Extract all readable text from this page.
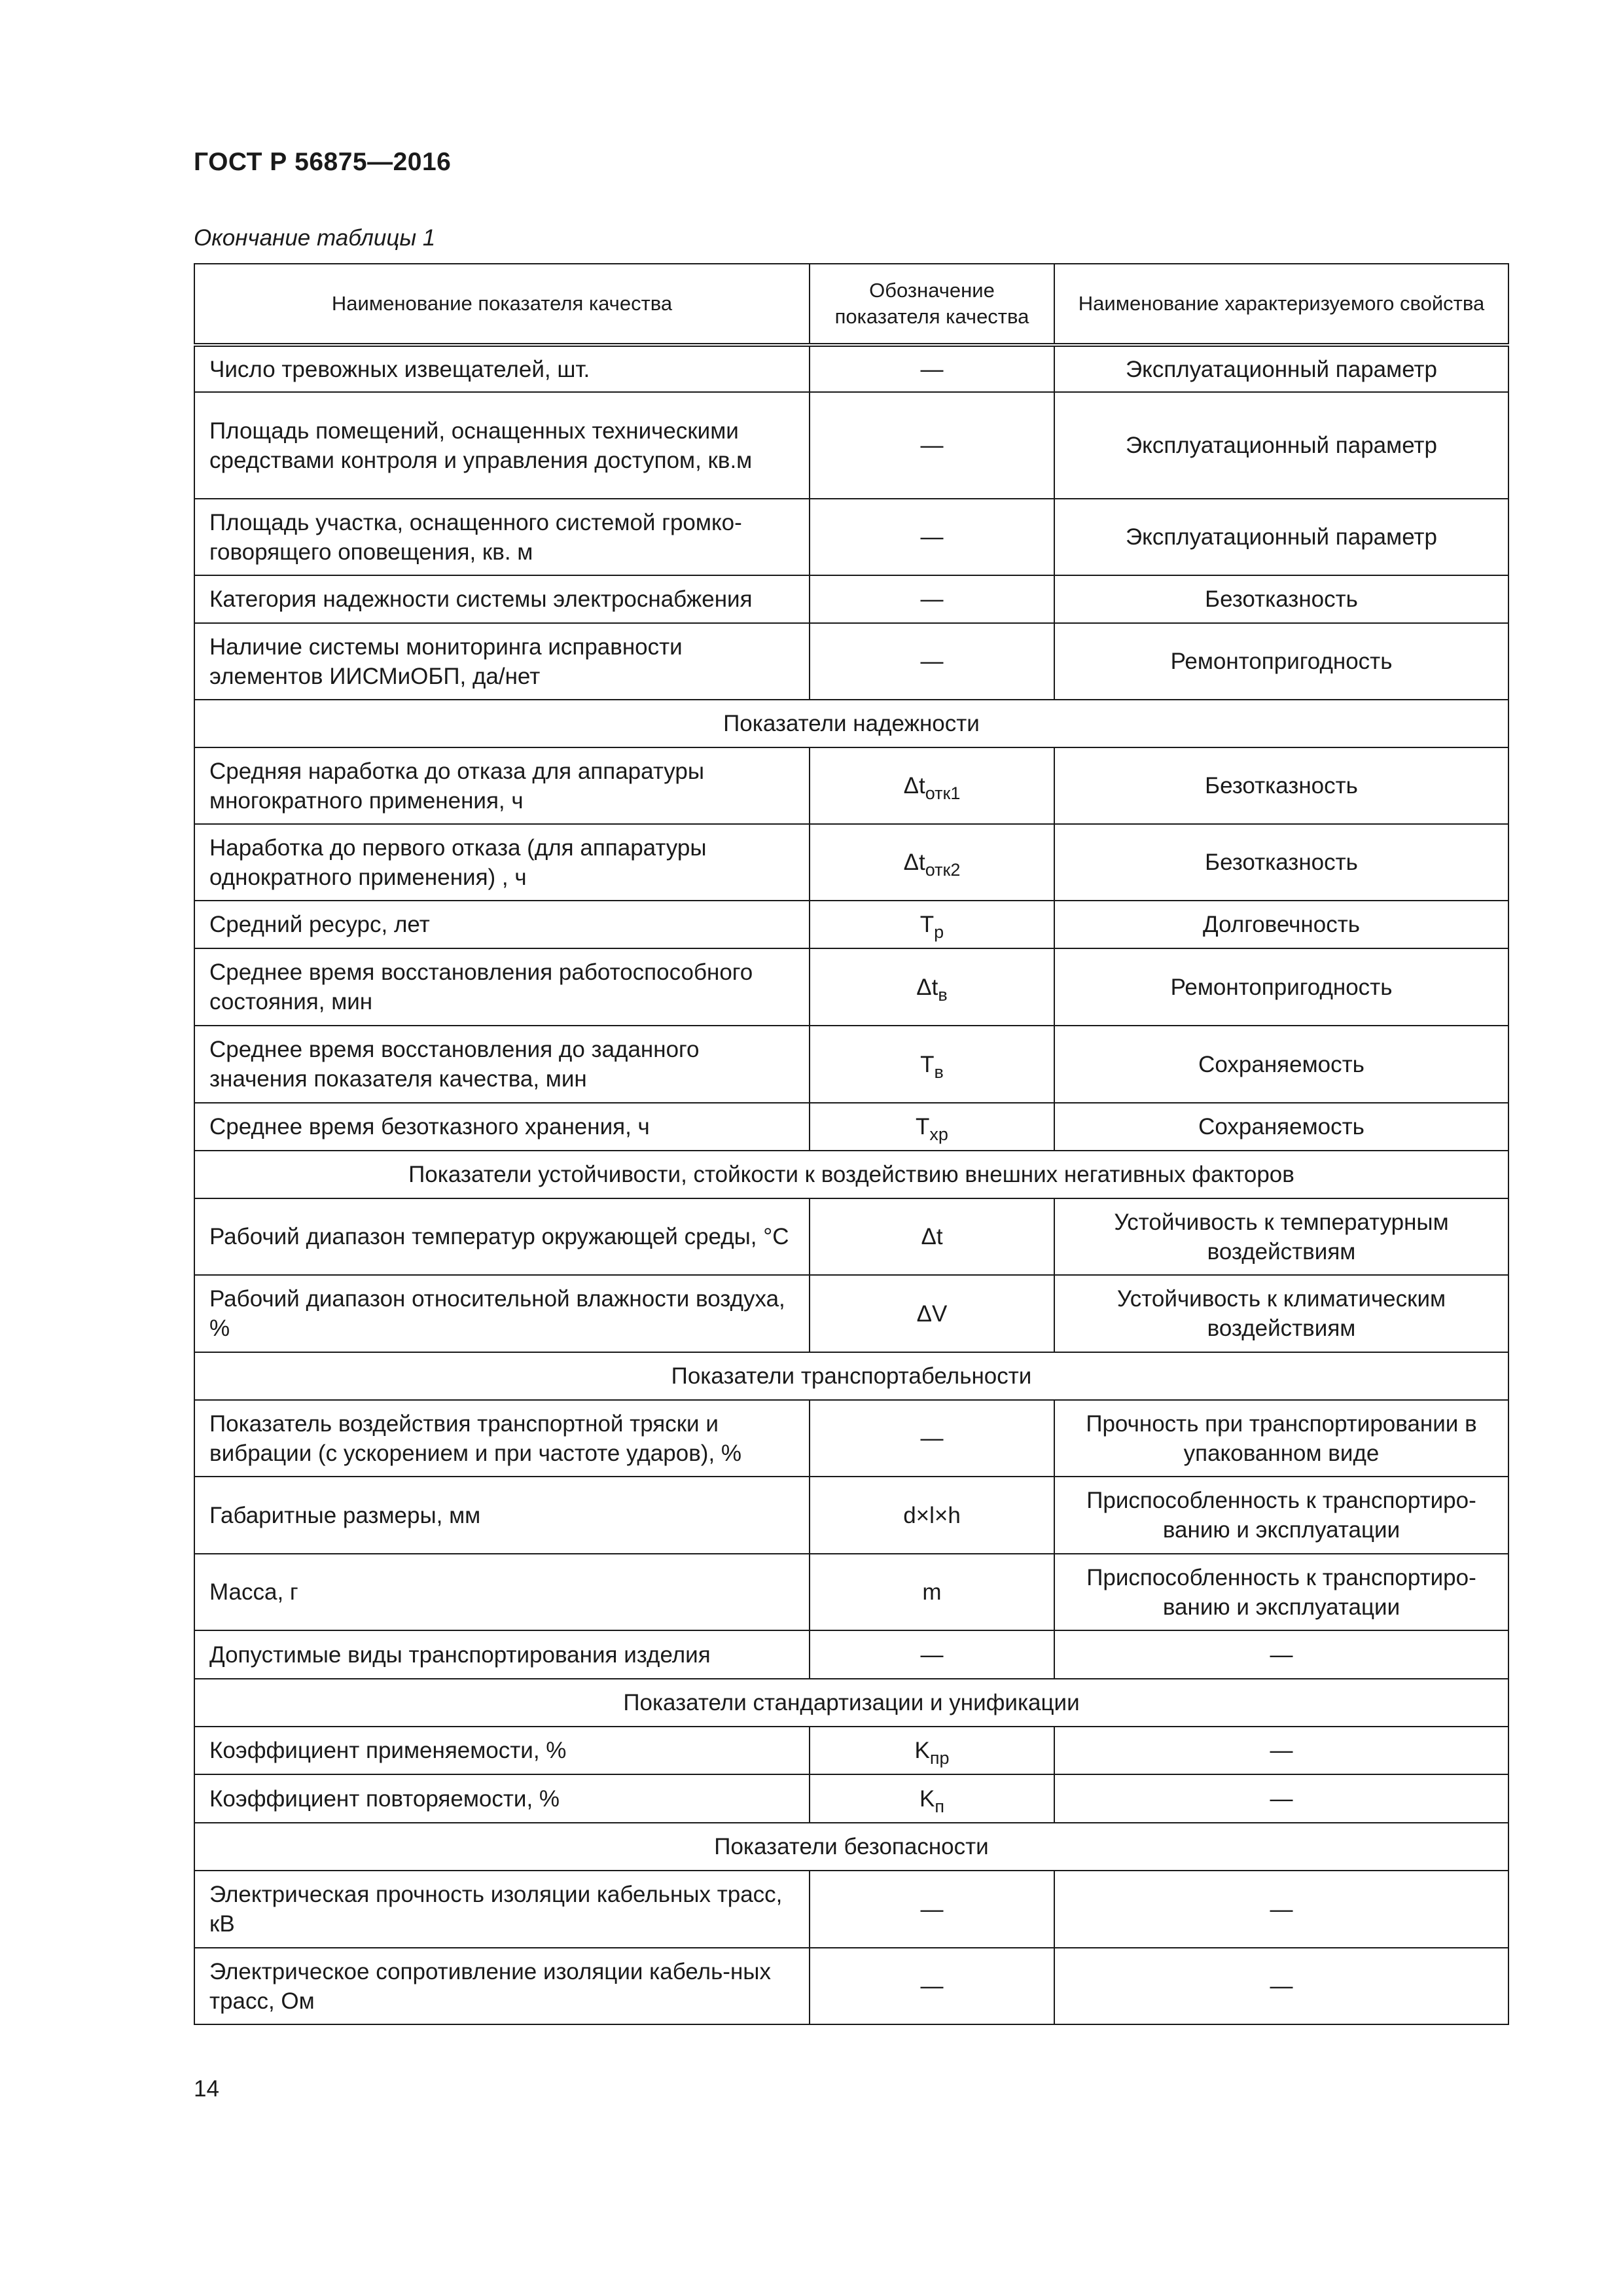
ГОСТ Р 56875—2016
Окончание таблицы 1
Наименование показателя качества	Обозначение показателя качества	Наименование характеризуемого свойства
Число тревожных извещателей, шт.	—	Эксплуатационный параметр
Площадь помещений, оснащенных техническими средствами контроля и управления доступом, кв.м	—	Эксплуатационный параметр
Площадь участка, оснащенного системой громко-говорящего оповещения, кв. м	—	Эксплуатационный параметр
Категория надежности системы электроснабжения	—	Безотказность
Наличие системы мониторинга исправности элементов ИИСМиОБП, да/нет	—	Ремонтопригодность
Показатели надежности		
Средняя наработка до отказа для аппаратуры многократного применения, ч	$\Delta t_{отк1}$	Безотказность
Наработка до первого отказа (для аппаратуры однократного применения) , ч	$\Delta t_{отк2}$	Безотказность
Средний ресурс, лет	$T_р$	Долговечность
Среднее время восстановления работоспособного состояния, мин	$\Delta t_в$	Ремонтопригодность
Среднее время восстановления до заданного значения показателя качества, мин	$T_в$	Сохраняемость
Среднее время безотказного хранения, ч	$T_{хр}$	Сохраняемость
Показатели устойчивости, стойкости к воздействию внешних негативных факторов		
Рабочий диапазон температур окружающей среды, °С	Δt	Устойчивость к температурным воздействиям
Рабочий диапазон относительной влажности воздуха, %	ΔV	Устойчивость к климатическим воздействиям
Показатели транспортабельности		
Показатель воздействия транспортной тряски и вибрации (с ускорением и при частоте ударов), %	—	Прочность при транспортировании в упакованном виде
Габаритные размеры, мм	d×l×h	Приспособленность к транспортиро-ванию и эксплуатации
Масса, г	m	Приспособленность к транспортиро-ванию и эксплуатации
Допустимые виды транспортирования изделия	—	—
Показатели стандартизации и унификации		
Коэффициент применяемости, %	$K_{пр}$	—
Коэффициент повторяемости, %	$K_п$	—
Показатели безопасности		
Электрическая прочность изоляции кабельных трасс, кВ	—	—
Электрическое сопротивление изоляции кабель-ных трасс, Ом	—	—
14
